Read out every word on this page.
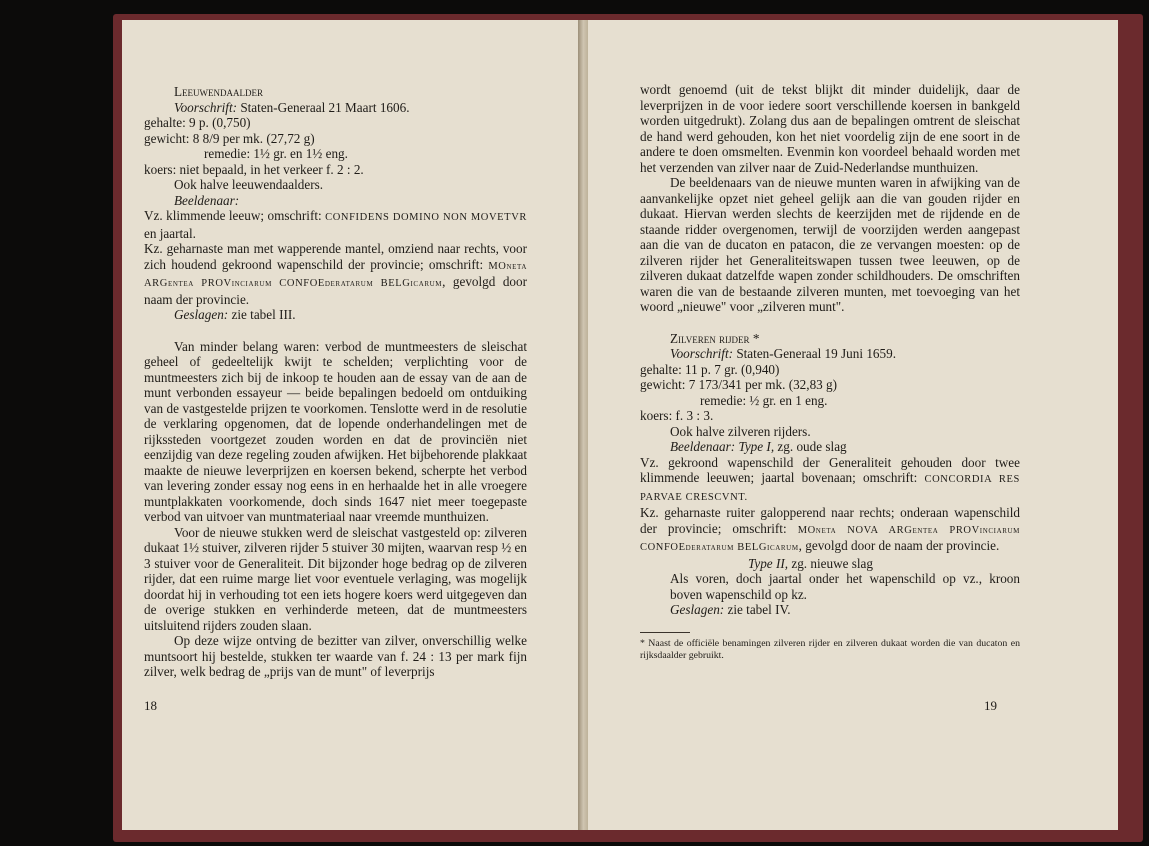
Leeuwendaalder

Voorschrift: Staten-Generaal 21 Maart 1606.

gehalte: 9 p. (0,750)

gewicht: 8 8/9 per mk. (27,72 g)

remedie: 1½ gr. en 1½ eng.

koers: niet bepaald, in het verkeer f. 2 : 2.

Ook halve leeuwendaalders.

Beeldenaar:

Vz. klimmende leeuw; omschrift: CONFIDENS DOMINO NON MOVETVR en jaartal.

Kz. geharnaste man met wapperende mantel, omziend naar rechts, voor zich houdend gekroond wapenschild der provincie; omschrift: MOneta ARGentea PROVinciarum CONFOEderatarum BELGicarum, gevolgd door naam der provincie.

Geslagen: zie tabel III.

Van minder belang waren: verbod de muntmeesters de sleischat geheel of gedeeltelijk kwijt te schelden; verplichting voor de muntmeesters zich bij de inkoop te houden aan de essay van de aan de munt verbonden essayeur — beide bepalingen bedoeld om ontduiking van de vastgestelde prijzen te voorkomen. Tenslotte werd in de resolutie de verklaring opgenomen, dat de lopende onderhandelingen met de rijkssteden voortgezet zouden worden en dat de provinciën niet eenzijdig van deze regeling zouden afwijken. Het bijbehorende plakkaat maakte de nieuwe leverprijzen en koersen bekend, scherpte het verbod van levering zonder essay nog eens in en herhaalde het in alle vroegere muntplakkaten voorkomende, doch sinds 1647 niet meer toegepaste verbod van uitvoer van muntmateriaal naar vreemde munthuizen.

Voor de nieuwe stukken werd de sleischat vastgesteld op: zilveren dukaat 1½ stuiver, zilveren rijder 5 stuiver 30 mijten, waarvan resp ½ en 3 stuiver voor de Generaliteit. Dit bijzonder hoge bedrag op de zilveren rijder, dat een ruime marge liet voor eventuele verlaging, was mogelijk doordat hij in verhouding tot een iets hogere koers werd uitgegeven dan de overige stukken en verhinderde meteen, dat de muntmeesters uitsluitend rijders zouden slaan.

Op deze wijze ontving de bezitter van zilver, onverschillig welke muntsoort hij bestelde, stukken ter waarde van f. 24 : 13 per mark fijn zilver, welk bedrag de „prijs van de munt" of leverprijs

18

wordt genoemd (uit de tekst blijkt dit minder duidelijk, daar de leverprijzen in de voor iedere soort verschillende koersen in bankgeld worden uitgedrukt). Zolang dus aan de bepalingen omtrent de sleischat de hand werd gehouden, kon het niet voordelig zijn de ene soort in de andere te doen omsmelten. Evenmin kon voordeel behaald worden met het verzenden van zilver naar de Zuid-Nederlandse munthuizen.

De beeldenaars van de nieuwe munten waren in afwijking van de aanvankelijke opzet niet geheel gelijk aan die van gouden rijder en dukaat. Hiervan werden slechts de keerzijden met de rijdende en de staande ridder overgenomen, terwijl de voorzijden werden aangepast aan die van de ducaton en patacon, die ze vervangen moesten: op de zilveren rijder het Generaliteitswapen tussen twee leeuwen, op de zilveren dukaat datzelfde wapen zonder schildhouders. De omschriften waren die van de bestaande zilveren munten, met toevoeging van het woord „nieuwe" voor „zilveren munt".

Zilveren rijder *

Voorschrift: Staten-Generaal 19 Juni 1659.

gehalte: 11 p. 7 gr. (0,940)

gewicht: 7 173/341 per mk. (32,83 g)

remedie: ½ gr. en 1 eng.

koers: f. 3 : 3.

Ook halve zilveren rijders.

Beeldenaar: Type I, zg. oude slag

Vz. gekroond wapenschild der Generaliteit gehouden door twee klimmende leeuwen; jaartal bovenaan; omschrift: CONCORDIA RES PARVAE CRESCVNT.

Kz. geharnaste ruiter galopperend naar rechts; onderaan wapenschild der provincie; omschrift: MOneta NOVA ARGentea PROVinciarum CONFOEderatarum BELGicarum, gevolgd door de naam der provincie.

Type II, zg. nieuwe slag

Als voren, doch jaartal onder het wapenschild op vz., kroon boven wapenschild op kz.

Geslagen: zie tabel IV.

* Naast de officiële benamingen zilveren rijder en zilveren dukaat worden die van ducaton en rijksdaalder gebruikt.

19
